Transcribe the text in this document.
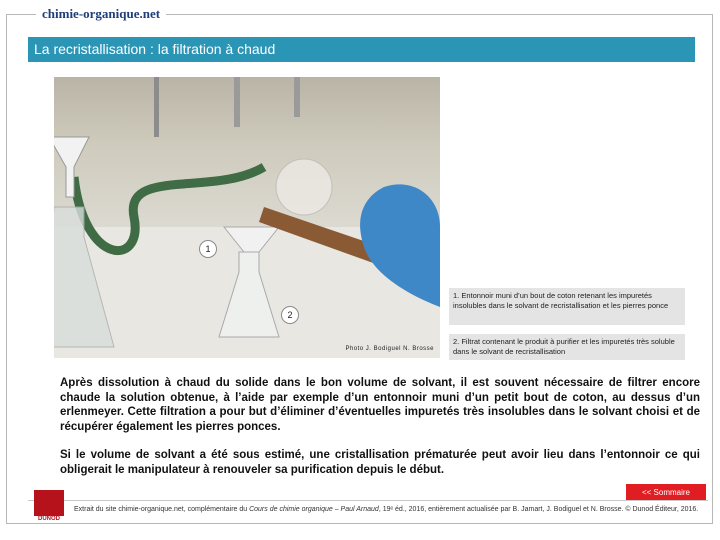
chimie-organique.net
La recristallisation : la filtration à chaud
1
2
Photo J. Bodiguel N. Brosse
1. Entonnoir muni d’un bout de coton retenant les impuretés insolubles dans le solvant de recristallisation et les pierres ponce
2. Filtrat contenant le produit à purifier et les impuretés très soluble dans le solvant de recristallisation

Après dissolution à chaud du solide dans le bon volume de solvant, il est souvent nécessaire de filtrer encore chaude la solution obtenue, à l’aide par exemple d’un entonnoir muni d’un petit bout de coton, au dessus d’un erlenmeyer. Cette filtration a pour but d’éliminer d’éventuelles impuretés très insolubles dans le solvant choisi et de récupérer également les pierres ponces.

Si le volume de solvant a été sous estimé, une cristallisation prématurée peut avoir lieu dans l’entonnoir ce qui obligerait le manipulateur à renouveler sa purification depuis le début.

<< Sommaire
DUNOD
Extrait du site chimie-organique.net, complémentaire du Cours de chimie organique – Paul Arnaud, 19ᵉ éd., 2016, entièrement actualisée par B. Jamart, J. Bodiguel et N. Brosse. © Dunod Éditeur, 2016.
